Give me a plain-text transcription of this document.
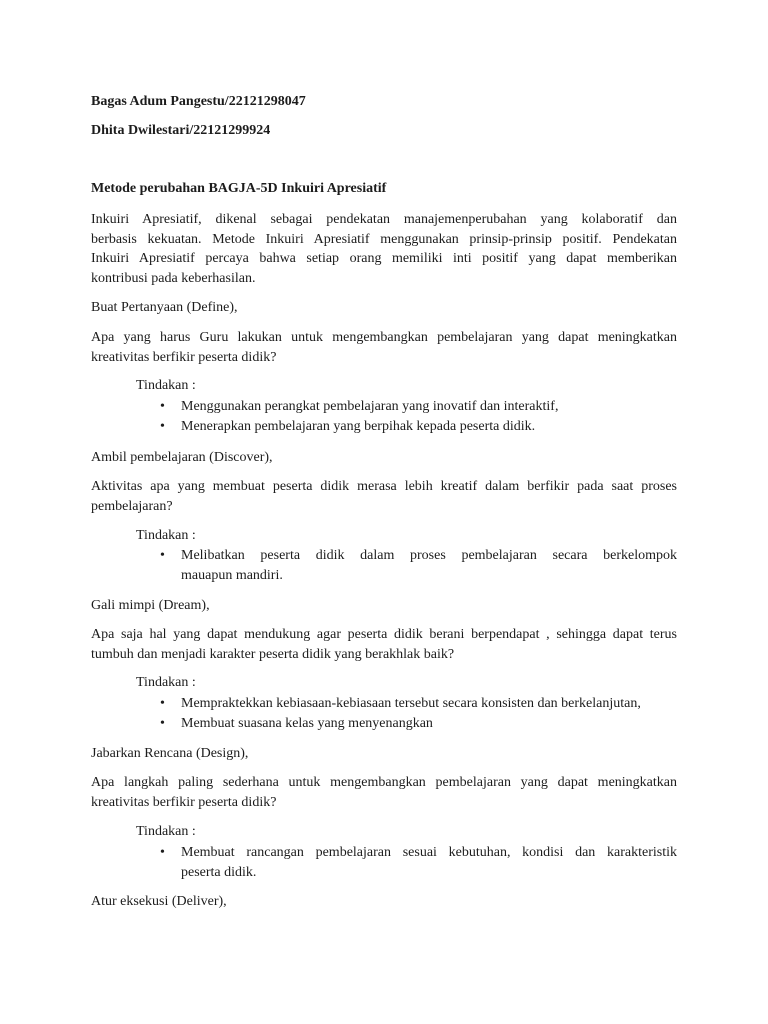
Bagas Adum Pangestu/22121298047
Dhita Dwilestari/22121299924
Metode perubahan BAGJA-5D Inkuiri Apresiatif
Inkuiri Apresiatif, dikenal sebagai pendekatan manajemenperubahan yang kolaboratif dan
berbasis kekuatan. Metode Inkuiri Apresiatif menggunakan prinsip-prinsip positif. Pendekatan
Inkuiri Apresiatif percaya bahwa setiap orang memiliki inti positif yang dapat memberikan
kontribusi pada keberhasilan.
Buat Pertanyaan (Define),
Apa yang harus Guru lakukan untuk mengembangkan pembelajaran yang dapat meningkatkan
kreativitas berfikir peserta didik?
Tindakan :
• Menggunakan perangkat pembelajaran yang inovatif dan interaktif,
• Menerapkan pembelajaran yang berpihak kepada peserta didik.
Ambil pembelajaran (Discover),
Aktivitas apa yang membuat peserta didik merasa lebih kreatif dalam berfikir pada saat proses
pembelajaran?
Tindakan :
• Melibatkan peserta didik dalam proses pembelajaran secara berkelompok
mauapun mandiri.
Gali mimpi (Dream),
Apa saja hal yang dapat mendukung agar peserta didik berani berpendapat , sehingga dapat terus
tumbuh dan menjadi karakter peserta didik yang berakhlak baik?
Tindakan :
• Mempraktekkan kebiasaan-kebiasaan tersebut secara konsisten dan berkelanjutan,
• Membuat suasana kelas yang menyenangkan
Jabarkan Rencana (Design),
Apa langkah paling sederhana untuk mengembangkan pembelajaran yang dapat meningkatkan
kreativitas berfikir peserta didik?
Tindakan :
• Membuat rancangan pembelajaran sesuai kebutuhan, kondisi dan karakteristik
peserta didik.
Atur eksekusi (Deliver),
